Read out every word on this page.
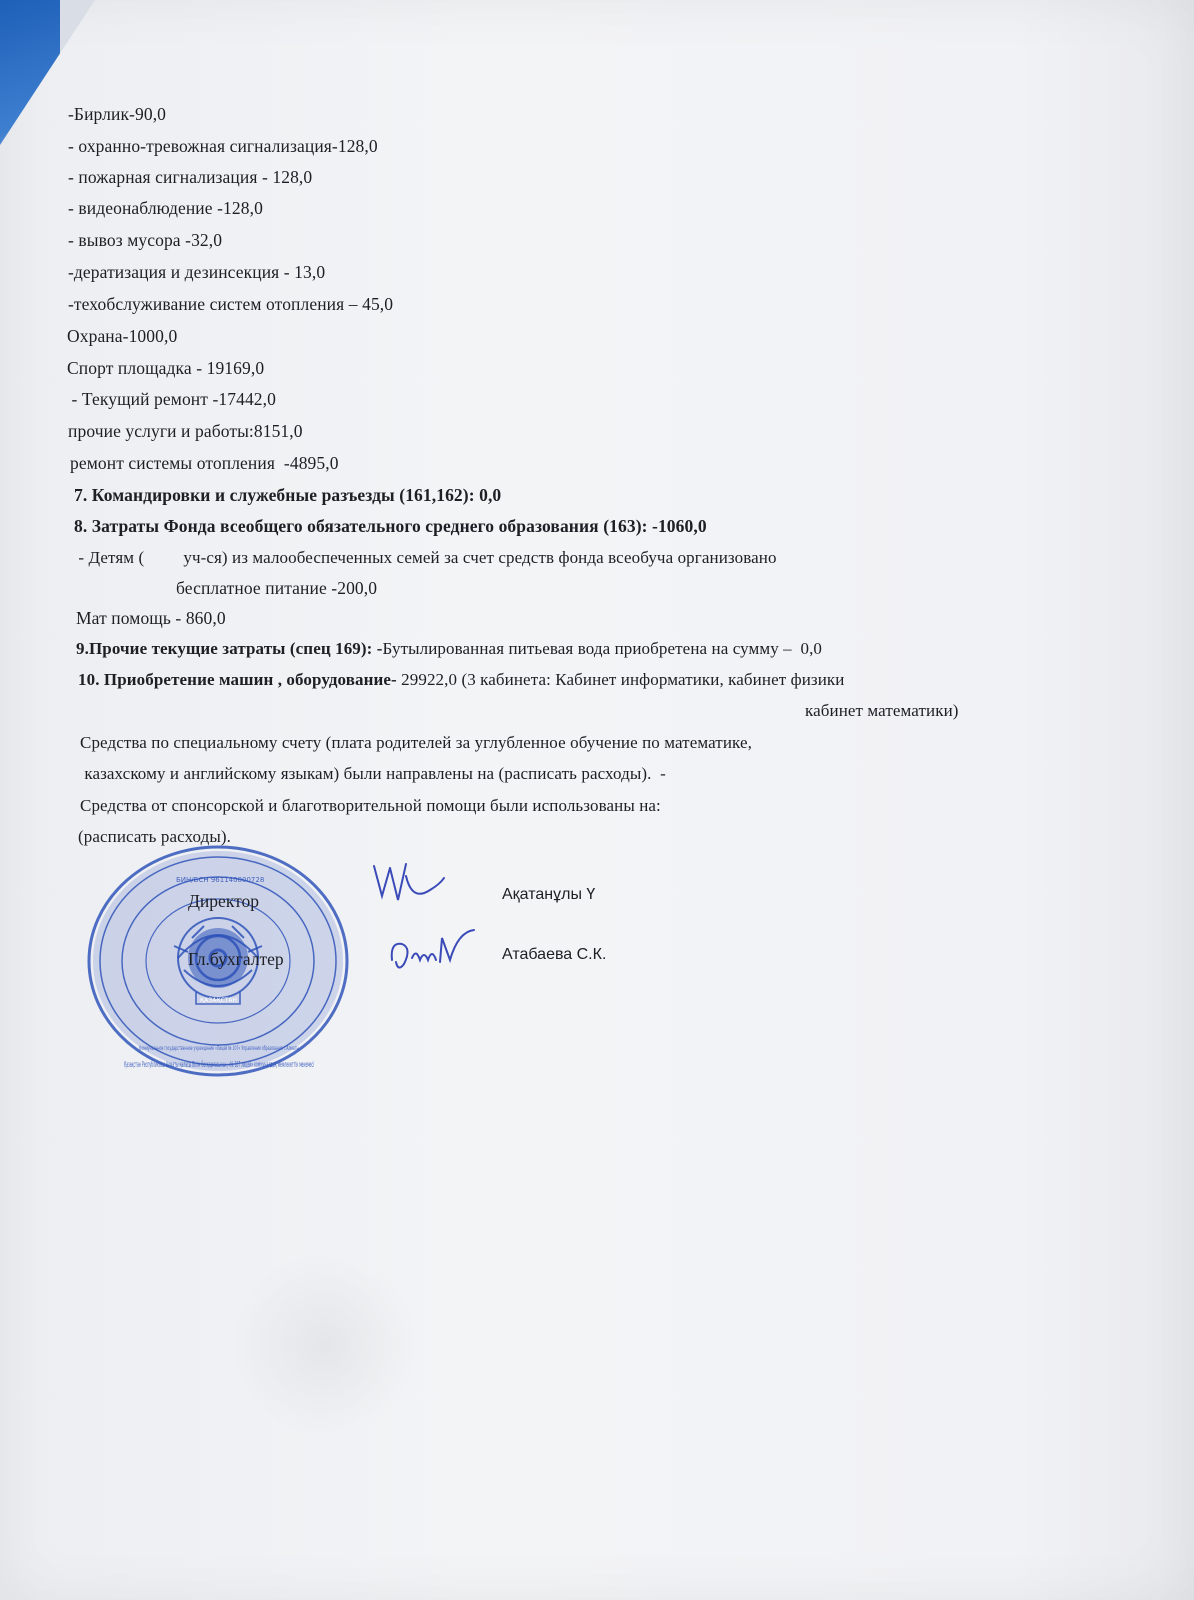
-Бирлик-90,0
- охранно-тревожная сигнализация-128,0
- пожарная сигнализация - 128,0
- видеонаблюдение -128,0
- вывоз мусора -32,0
-дератизация и дезинсекция - 13,0
-техобслуживание систем отопления – 45,0
Охрана-1000,0
Спорт площадка - 19169,0
- Текущий ремонт -17442,0
прочие услуги и работы:8151,0
ремонт системы отопления  -4895,0
7. Командировки и служебные разъезды (161,162): 0,0
8. Затраты Фонда всеобщего обязательного среднего образования (163): -1060,0
- Детям (         уч-ся) из малообеспеченных семей за счет средств фонда всеобуча организовано
бесплатное питание -200,0
Мат помощь - 860,0
9.Прочие текущие затраты (спец 169): -Бутылированная питьевая вода приобретена на сумму –  0,0
10. Приобретение машин , оборудование- 29922,0 (3 кабинета: Кабинет информатики, кабинет физики
кабинет математики)
Средства по специальному счету (плата родителей за углубленное обучение по математике,
казахскому и английскому языкам) были направлены на (расписать расходы).  -
Средства от спонсорской и благотворительной помощи были использованы на:
(расписать расходы).
ҚАЗАҚСТАН
БИН/БСН 961140000728
Қазақстан Республикасы Алматы қаласы Білім басқармасының «№ 107 лицей» коммуналдық мемлекеттік мекемесі
Коммунальное государственное учреждение «Лицей № 107» Управления образования г.Алматы
Директор
Гл.бухгалтер
Ақатанұлы Ү
Атабаева С.К.
